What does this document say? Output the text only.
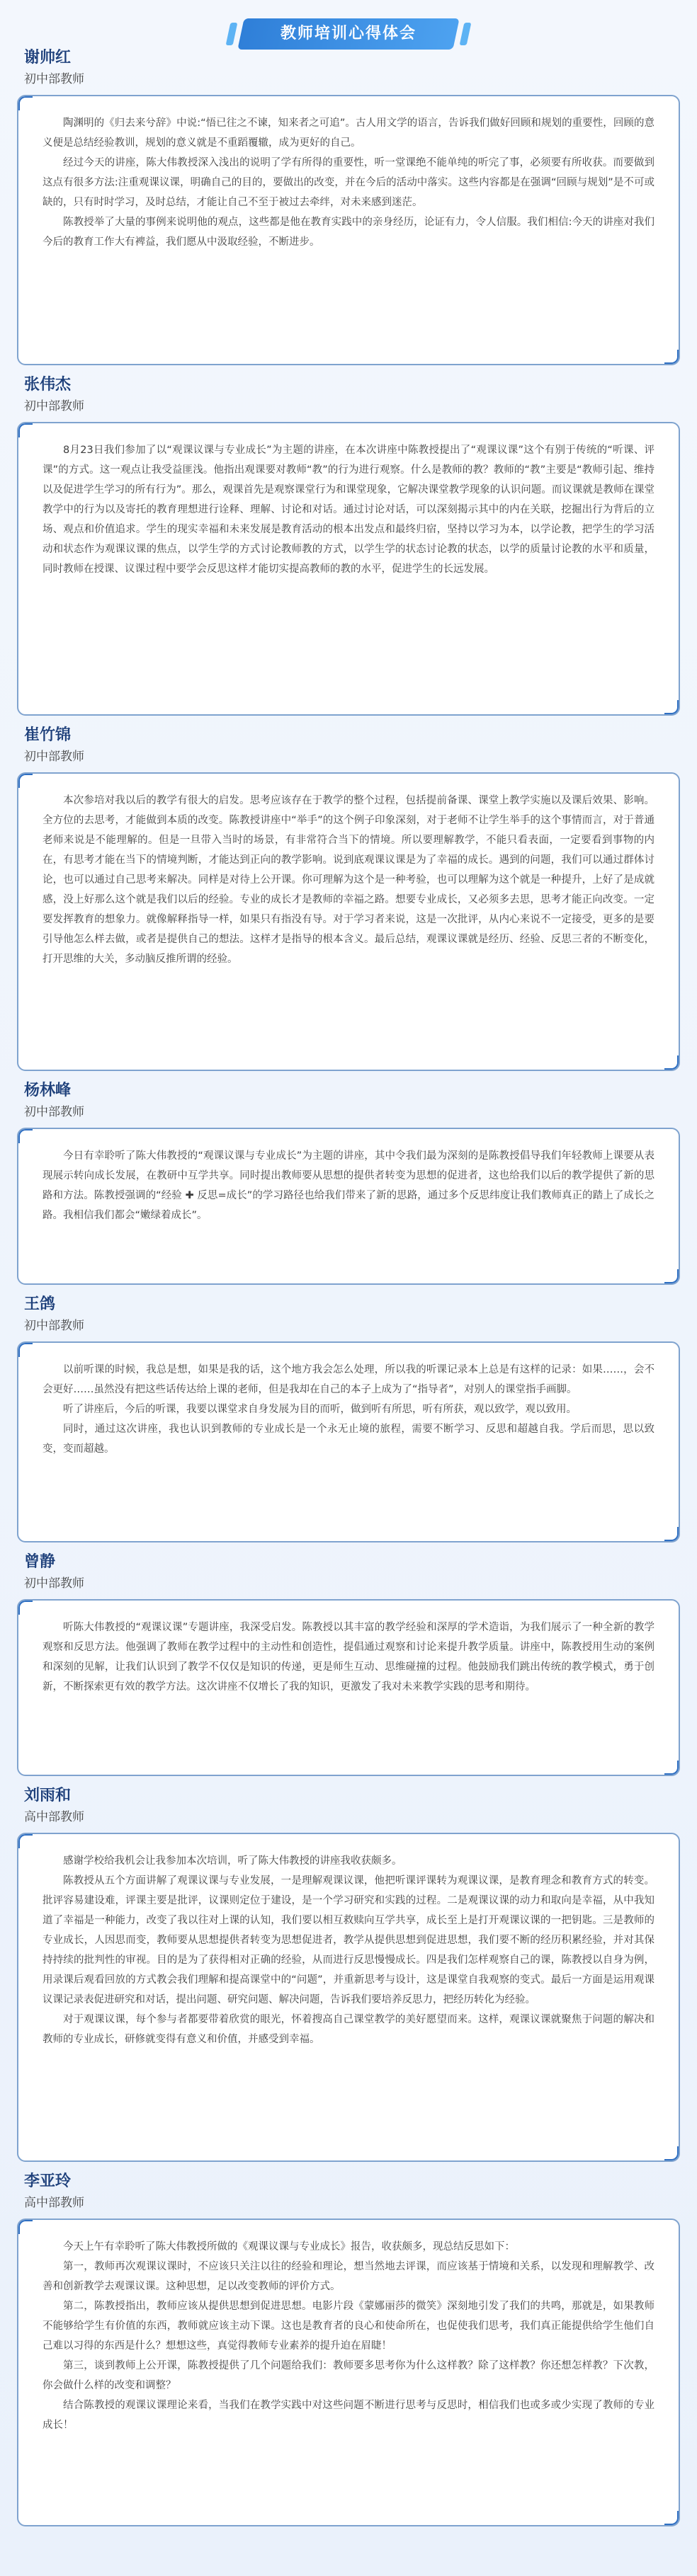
教师培训心得体会
谢帅红
初中部教师

陶渊明的《归去来兮辞》中说:“悟已往之不谏，知来者之可追”。古人用文学的语言，告诉我们做好回顾和规划的重要性，回顾的意义便是总结经验教训，规划的意义就是不重蹈覆辙，成为更好的自己。

经过今天的讲座，陈大伟教授深入浅出的说明了学有所得的重要性，听一堂课绝不能单纯的听完了事，必须要有所收获。而要做到这点有很多方法:注重观课议课，明确自己的目的，要做出的改变，并在今后的活动中落实。这些内容都是在强调“回顾与规划”是不可或缺的，只有时时学习，及时总结，才能让自己不至于被过去牵绊，对未来感到迷茫。

陈教授举了大量的事例来说明他的观点，这些都是他在教育实践中的亲身经历，论证有力，令人信服。我们相信:今天的讲座对我们今后的教育工作大有裨益，我们愿从中汲取经验，不断进步。

张伟杰
初中部教师

8月23日我们参加了以“观课议课与专业成长”为主题的讲座，在本次讲座中陈教授提出了“观课议课”这个有别于传统的“听课、评课”的方式。这一观点让我受益匪浅。他指出观课要对教师“教”的行为进行观察。什么是教师的教？教师的“教”主要是“教师引起、维持以及促进学生学习的所有行为”。那么，观课首先是观察课堂行为和课堂现象，它解决课堂教学现象的认识问题。而议课就是教师在课堂教学中的行为以及寄托的教育理想进行诠释、理解、讨论和对话。通过讨论对话，可以深刻揭示其中的内在关联，挖掘出行为背后的立场、观点和价值追求。学生的现实幸福和未来发展是教育活动的根本出发点和最终归宿，坚持以学习为本，以学论教，把学生的学习活动和状态作为观课议课的焦点，以学生学的方式讨论教师教的方式，以学生学的状态讨论教的状态，以学的质量讨论教的水平和质量，同时教师在授课、议课过程中要学会反思这样才能切实提高教师的教的水平，促进学生的长远发展。

崔竹锦
初中部教师

本次参培对我以后的教学有很大的启发。思考应该存在于教学的整个过程，包括提前备课、课堂上教学实施以及课后效果、影响。全方位的去思考，才能做到本质的改变。陈教授讲座中“举手”的这个例子印象深刻，对于老师不让学生举手的这个事情而言，对于普通老师来说是不能理解的。但是一旦带入当时的场景，有非常符合当下的情境。所以要理解教学，不能只看表面，一定要看到事物的内在，有思考才能在当下的情境判断，才能达到正向的教学影响。说到底观课议课是为了幸福的成长。遇到的问题，我们可以通过群体讨论，也可以通过自己思考来解决。同样是对待上公开课。你可理解为这个是一种考验，也可以理解为这个就是一种提升，上好了是成就感，没上好那么这个就是我们以后的经验。专业的成长才是教师的幸福之路。想要专业成长，又必须多去思，思考才能正向改变。一定要发挥教育的想象力。就像解释指导一样，如果只有指没有导。对于学习者来说，这是一次批评，从内心来说不一定接受，更多的是要引导他怎么样去做，或者是提供自己的想法。这样才是指导的根本含义。最后总结，观课议课就是经历、经验、反思三者的不断变化，打开思维的大关，多动脑反推所谓的经验。

杨林峰
初中部教师

今日有幸聆听了陈大伟教授的“观课议课与专业成长”为主题的讲座，其中令我们最为深刻的是陈教授倡导我们年轻教师上课要从表现展示转向成长发展，在教研中互学共享。同时提出教师要从思想的提供者转变为思想的促进者，这也给我们以后的教学提供了新的思路和方法。陈教授强调的“经验 ✚ 反思=成长”的学习路径也给我们带来了新的思路，通过多个反思纬度让我们教师真正的踏上了成长之路。我相信我们都会“嫩绿着成长”。

王鸽
初中部教师

以前听课的时候，我总是想，如果是我的话，这个地方我会怎么处理，所以我的听课记录本上总是有这样的记录：如果……，会不会更好……虽然没有把这些话传达给上课的老师，但是我却在自己的本子上成为了“指导者”，对别人的课堂指手画脚。

听了讲座后，今后的听课，我要以课堂求自身发展为目的而听，做到听有所思，听有所获，观以致学，观以致用。

同时，通过这次讲座，我也认识到教师的专业成长是一个永无止境的旅程，需要不断学习、反思和超越自我。学后而思，思以致变，变而超越。

曾静
初中部教师

听陈大伟教授的“观课议课”专题讲座，我深受启发。陈教授以其丰富的教学经验和深厚的学术造诣，为我们展示了一种全新的教学观察和反思方法。他强调了教师在教学过程中的主动性和创造性，提倡通过观察和讨论来提升教学质量。讲座中，陈教授用生动的案例和深刻的见解，让我们认识到了教学不仅仅是知识的传递，更是师生互动、思维碰撞的过程。他鼓励我们跳出传统的教学模式，勇于创新，不断探索更有效的教学方法。这次讲座不仅增长了我的知识，更激发了我对未来教学实践的思考和期待。

刘雨和
高中部教师

感谢学校给我机会让我参加本次培训，听了陈大伟教授的讲座我收获颇多。

陈教授从五个方面讲解了观课议课与专业发展，一是理解观课议课，他把听课评课转为观课议课，是教育理念和教育方式的转变。批评容易建设难，评课主要是批评，议课则定位于建设，是一个学习研究和实践的过程。二是观课议课的动力和取向是幸福，从中我知道了幸福是一种能力，改变了我以往对上课的认知，我们要以相互救赎向互学共享，成长至上是打开观课议课的一把钥匙。三是教师的专业成长，人因思而变，教师要从思想提供者转变为思想促进者，教学从提供思想到促进思想，我们要不断的经历积累经验，并对其保持持续的批判性的审视。目的是为了获得相对正确的经验，从而进行反思慢慢成长。四是我们怎样观察自己的课，陈教授以自身为例，用录课后观看回放的方式教会我们理解和提高课堂中的“问题”，并重新思考与设计，这是课堂自我观察的变式。最后一方面是运用观课议课记录表促进研究和对话，提出问题、研究问题、解决问题，告诉我们要培养反思力，把经历转化为经验。

对于观课议课，每个参与者都要带着欣赏的眼光，怀着搜高自己课堂教学的美好愿望而来。这样，观课议课就聚焦于问题的解决和教师的专业成长，研修就变得有意义和价值，并感受到幸福。

李亚玲
高中部教师

今天上午有幸聆听了陈大伟教授所做的《观课议课与专业成长》报告，收获颇多，现总结反思如下：

第一，教师再次观课议课时，不应该只关注以往的经验和理论，想当然地去评课，而应该基于情境和关系，以发现和理解教学、改善和创新教学去观课议课。这种思想，足以改变教师的评价方式。

第二，陈教授指出，教师应该从提供思想到促进思想。电影片段《蒙娜丽莎的微笑》深刻地引发了我们的共鸣，那就是，如果教师不能够给学生有价值的东西，教师就应该主动下课。这也是教育者的良心和使命所在，也促使我们思考，我们真正能提供给学生他们自己难以习得的东西是什么？想想这些，真觉得教师专业素养的提升迫在眉睫！

第三，谈到教师上公开课，陈教授提供了几个问题给我们：教师要多思考你为什么这样教？除了这样教？你还想怎样教？下次教，你会做什么样的改变和调整？

结合陈教授的观课议课理论来看，当我们在教学实践中对这些问题不断进行思考与反思时，相信我们也或多或少实现了教师的专业成长！
